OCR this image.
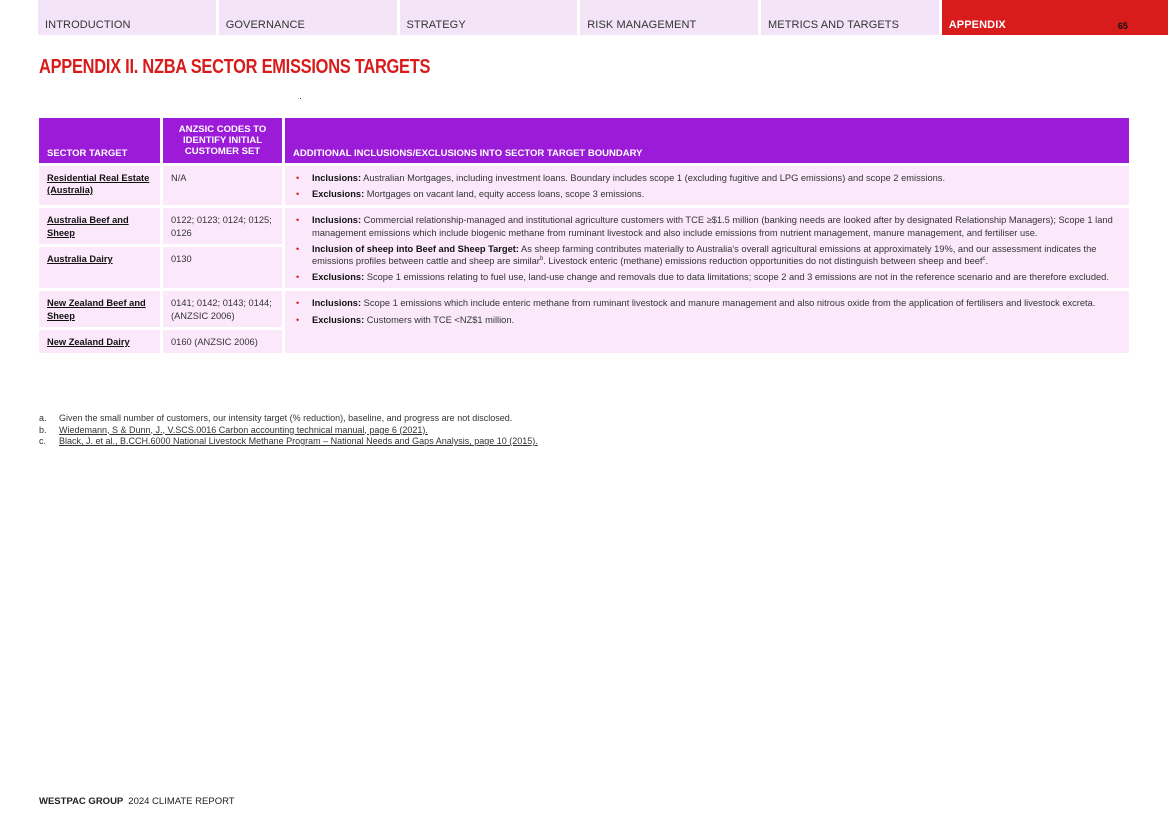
INTRODUCTION	GOVERNANCE	STRATEGY	RISK MANAGEMENT	METRICS AND TARGETS	APPENDIX	65
APPENDIX II. NZBA SECTOR EMISSIONS TARGETS
SECTOR TARGET
ANZSIC CODES TO IDENTIFY INITIAL CUSTOMER SET	ADDITIONAL INCLUSIONS/EXCLUSIONS INTO SECTOR TARGET BOUNDARY
Residential Real Estate (Australia)
N/A
•	Inclusions: Australian Mortgages, including investment loans. Boundary includes scope 1 (excluding fugitive and LPG emissions) and scope 2 emissions.
• Exclusions: Mortgages on vacant land, equity access loans, scope 3 emissions.
Australia Beef and Sheep
0122; 0123; 0124; 0125; 0126
Australia Dairy	0130
• Inclusions: Commercial relationship-managed and institutional agriculture customers with TCE ≥$1.5 million (banking needs are looked after by designated Relationship Managers); Scope 1 land management emissions which include biogenic methane from ruminant livestock and also include emissions from nutrient management, manure management, and fertiliser use.
• Inclusion of sheep into Beef and Sheep Target: As sheep farming contributes materially to Australia's overall agricultural emissions at approximately 19%, and our assessment indicates the emissions profiles between cattle and sheep are similar$^b$. Livestock enteric (methane) emissions reduction opportunities do not distinguish between sheep and beef$^c$.
• Exclusions: Scope 1 emissions relating to fuel use, land-use change and removals due to data limitations; scope 2 and 3 emissions are not in the reference scenario and are therefore excluded.
New Zealand Beef and Sheep
0141; 0142; 0143; 0144; (ANZSIC 2006)
New Zealand Dairy	0160 (ANZSIC 2006)
• Inclusions: Scope 1 emissions which include enteric methane from ruminant livestock and manure management and also nitrous oxide from the application of fertilisers and livestock excreta.
• Exclusions: Customers with TCE <NZ$1 million.
a.	Given the small number of customers, our intensity target (% reduction), baseline, and progress are not disclosed.
b.	Wiedemann, S & Dunn, J., V.SCS.0016 Carbon accounting technical manual, page 6 (2021).
c.	Black, J. et al., B.CCH.6000 National Livestock Methane Program – National Needs and Gaps Analysis, page 10 (2015).
WESTPAC GROUP 2024 CLIMATE REPORT
